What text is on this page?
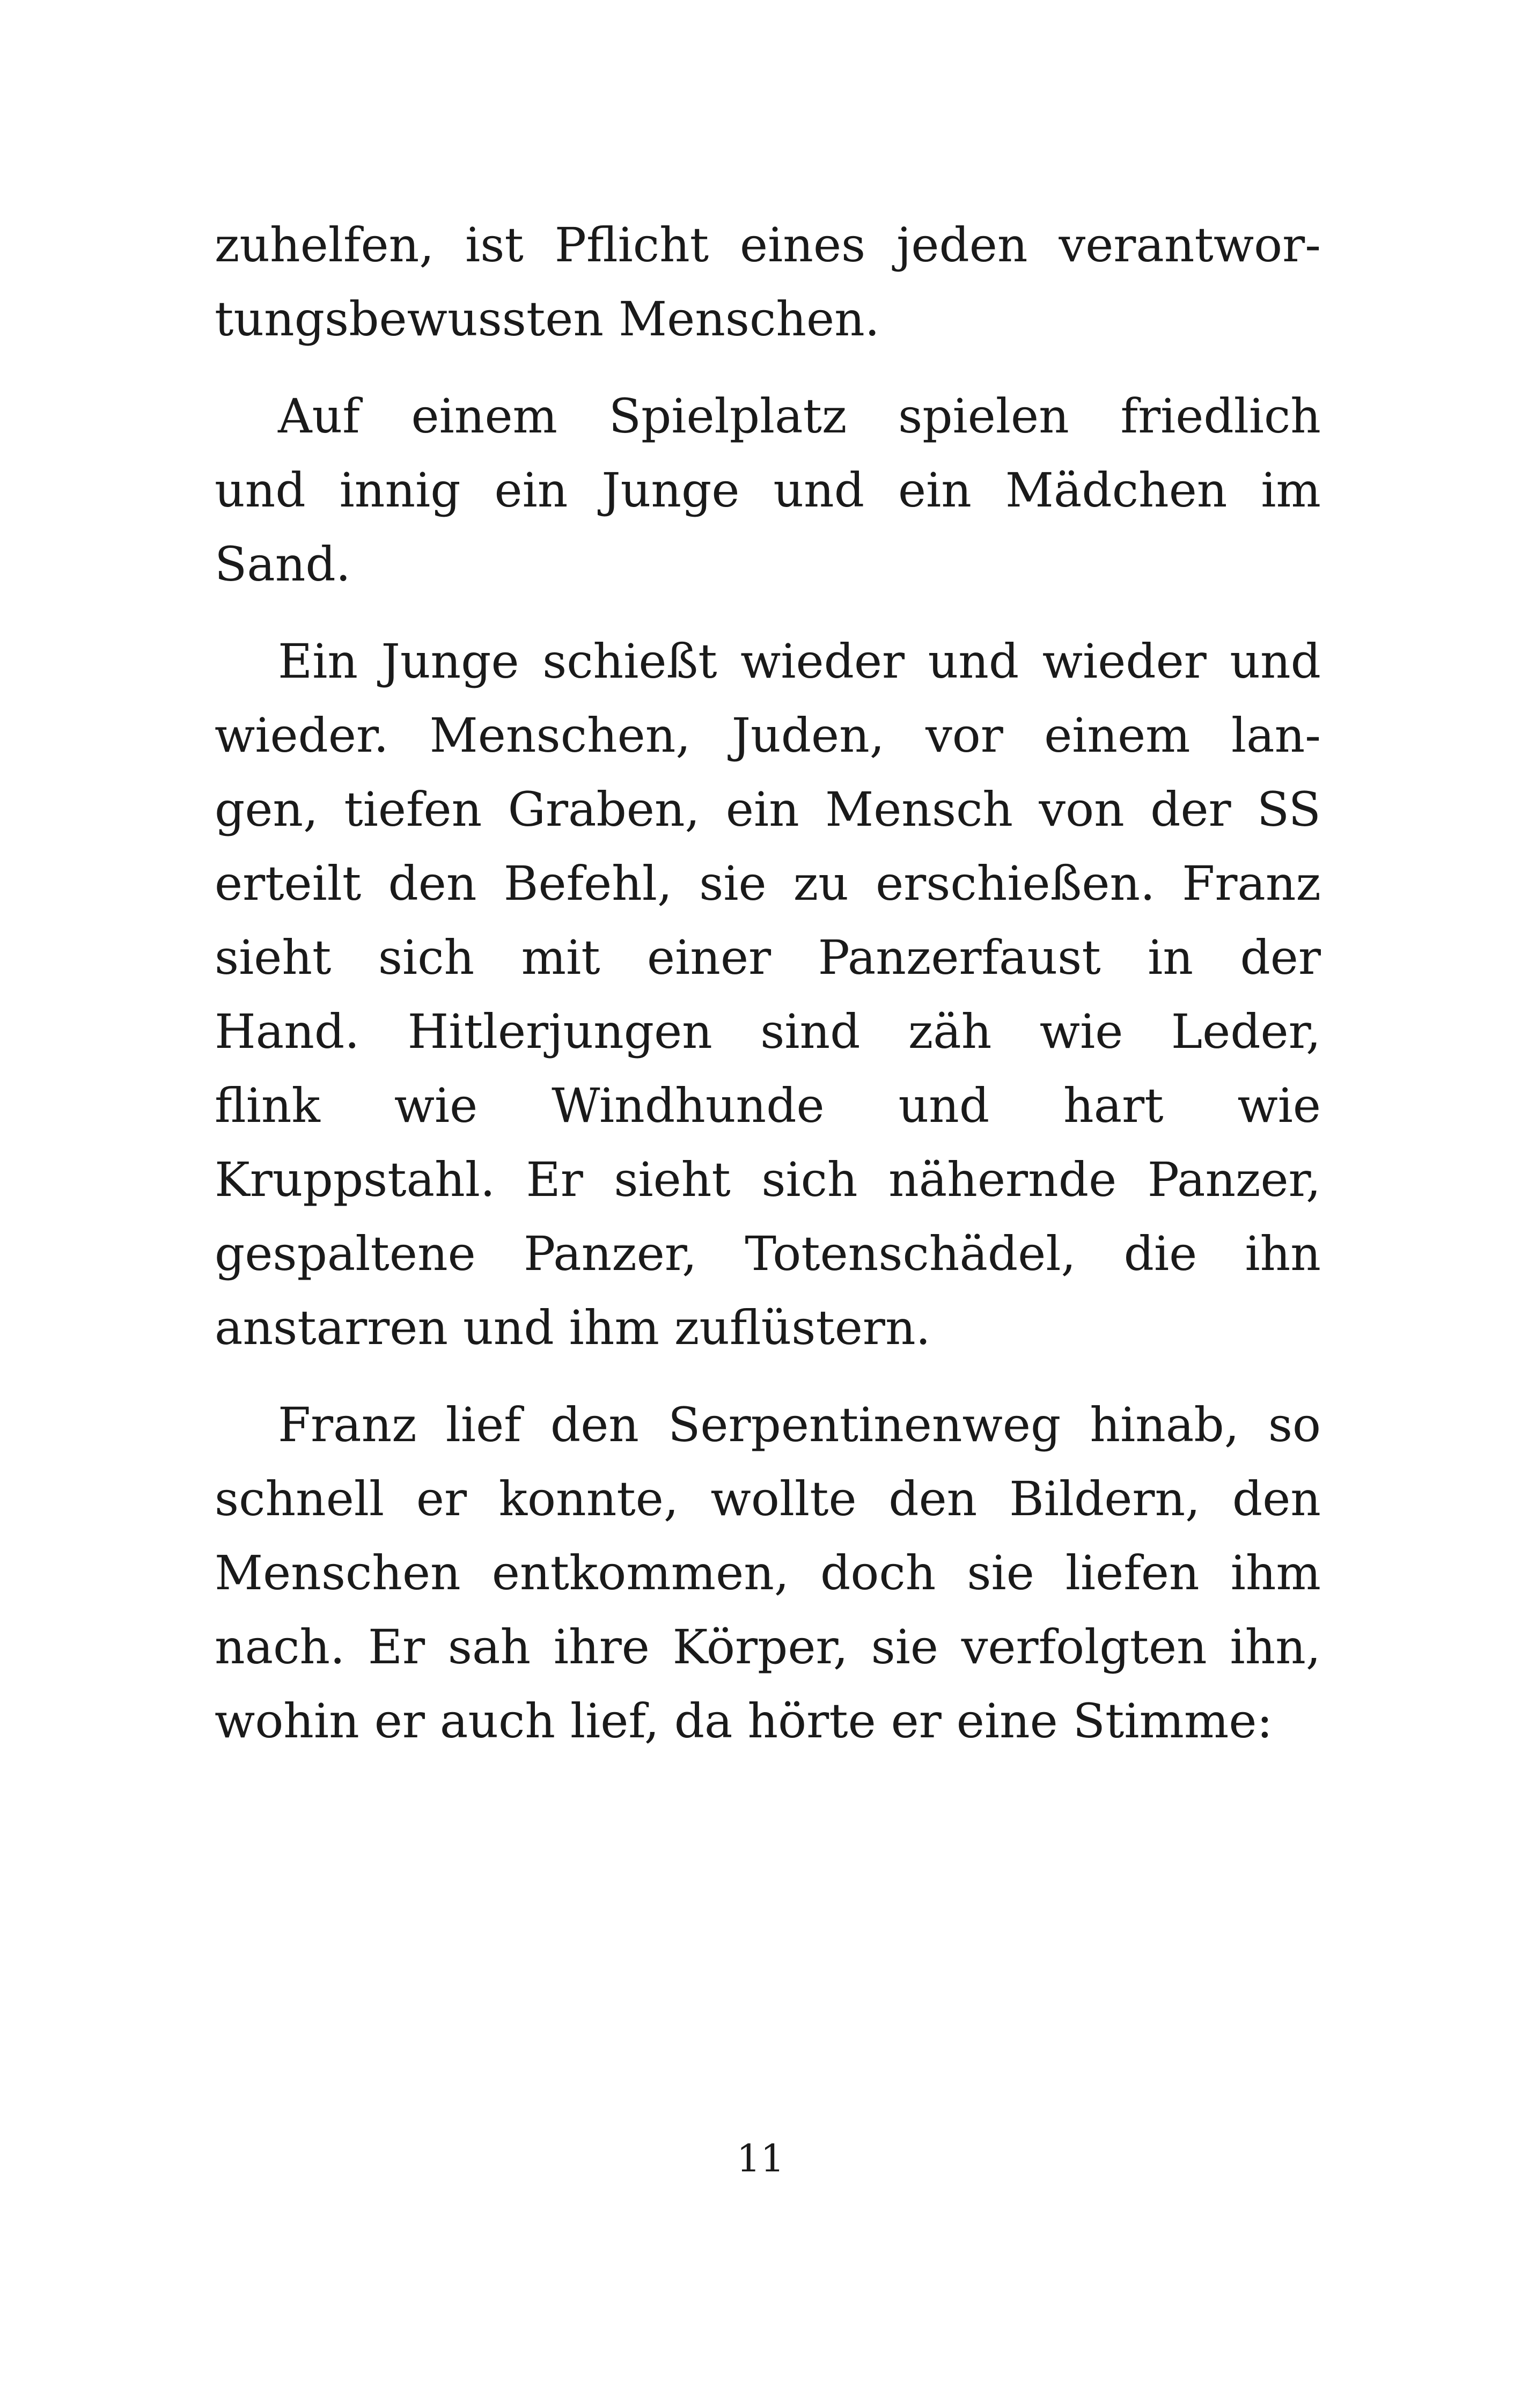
zuhelfen, ist Pflicht eines jeden verantwor-
tungsbewussten Menschen.
Auf einem Spielplatz spielen friedlich
und innig ein Junge und ein Mädchen im
Sand.
Ein Junge schießt wieder und wieder und
wieder. Menschen, Juden, vor einem lan-
gen, tiefen Graben, ein Mensch von der SS
erteilt den Befehl, sie zu erschießen. Franz
sieht sich mit einer Panzerfaust in der
Hand. Hitlerjungen sind zäh wie Leder,
flink wie Windhunde und hart wie
Kruppstahl. Er sieht sich nähernde Panzer,
gespaltene Panzer, Totenschädel, die ihn
anstarren und ihm zuflüstern.
Franz lief den Serpentinenweg hinab, so
schnell er konnte, wollte den Bildern, den
Menschen entkommen, doch sie liefen ihm
nach. Er sah ihre Körper, sie verfolgten ihn,
wohin er auch lief, da hörte er eine Stimme:
11
